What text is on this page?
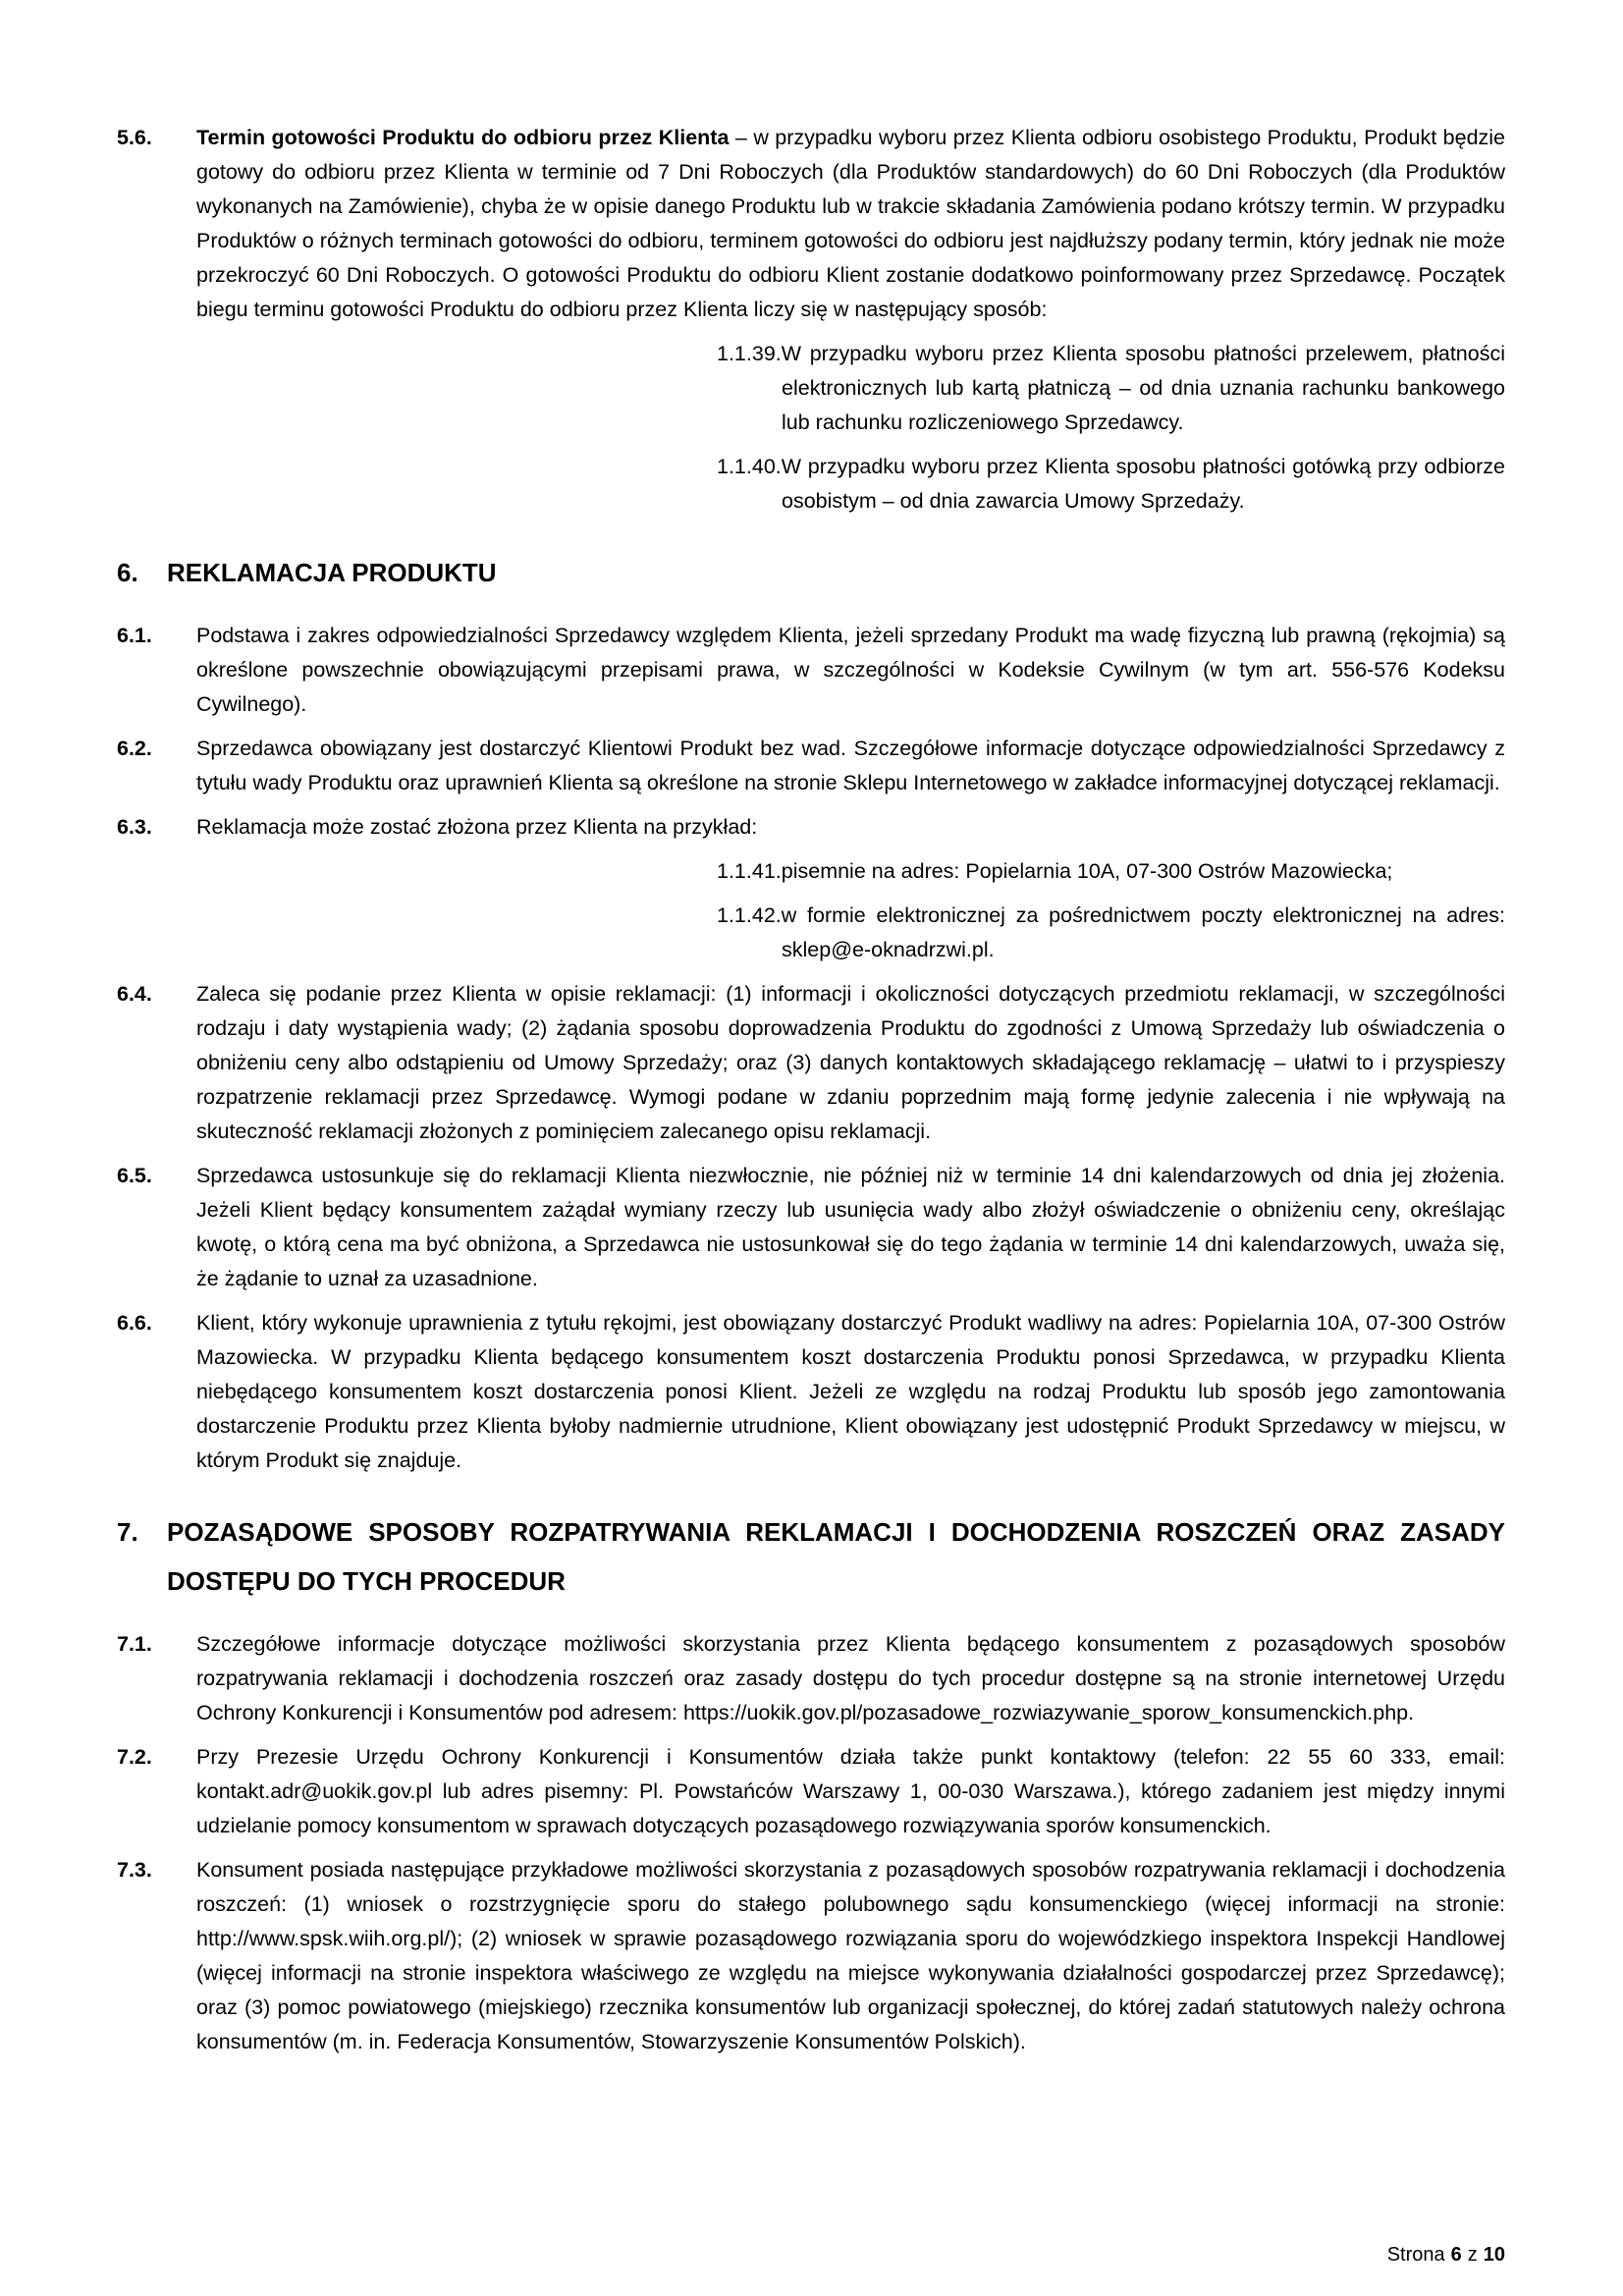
5.6.	Termin gotowości Produktu do odbioru przez Klienta – w przypadku wyboru przez Klienta odbioru osobistego Produktu, Produkt będzie gotowy do odbioru przez Klienta w terminie od 7 Dni Roboczych (dla Produktów standardowych) do 60 Dni Roboczych (dla Produktów wykonanych na Zamówienie), chyba że w opisie danego Produktu lub w trakcie składania Zamówienia podano krótszy termin. W przypadku Produktów o różnych terminach gotowości do odbioru, terminem gotowości do odbioru jest najdłuższy podany termin, który jednak nie może przekroczyć 60 Dni Roboczych. O gotowości Produktu do odbioru Klient zostanie dodatkowo poinformowany przez Sprzedawcę. Początek biegu terminu gotowości Produktu do odbioru przez Klienta liczy się w następujący sposób:
1.1.39.W przypadku wyboru przez Klienta sposobu płatności przelewem, płatności elektronicznych lub kartą płatniczą – od dnia uznania rachunku bankowego lub rachunku rozliczeniowego Sprzedawcy.
1.1.40.W przypadku wyboru przez Klienta sposobu płatności gotówką przy odbiorze osobistym – od dnia zawarcia Umowy Sprzedaży.
6.	REKLAMACJA PRODUKTU
6.1.	Podstawa i zakres odpowiedzialności Sprzedawcy względem Klienta, jeżeli sprzedany Produkt ma wadę fizyczną lub prawną (rękojmia) są określone powszechnie obowiązującymi przepisami prawa, w szczególności w Kodeksie Cywilnym (w tym art. 556-576 Kodeksu Cywilnego).
6.2.	Sprzedawca obowiązany jest dostarczyć Klientowi Produkt bez wad. Szczegółowe informacje dotyczące odpowiedzialności Sprzedawcy z tytułu wady Produktu oraz uprawnień Klienta są określone na stronie Sklepu Internetowego w zakładce informacyjnej dotyczącej reklamacji.
6.3.	Reklamacja może zostać złożona przez Klienta na przykład:
1.1.41.pisemnie na adres: Popielarnia 10A, 07-300 Ostrów Mazowiecka;
1.1.42.w formie elektronicznej za pośrednictwem poczty elektronicznej na adres: sklep@e-oknadrzwi.pl.
6.4.	Zaleca się podanie przez Klienta w opisie reklamacji: (1) informacji i okoliczności dotyczących przedmiotu reklamacji, w szczególności rodzaju i daty wystąpienia wady; (2) żądania sposobu doprowadzenia Produktu do zgodności z Umową Sprzedaży lub oświadczenia o obniżeniu ceny albo odstąpieniu od Umowy Sprzedaży; oraz (3) danych kontaktowych składającego reklamację – ułatwi to i przyspieszy rozpatrzenie reklamacji przez Sprzedawcę. Wymogi podane w zdaniu poprzednim mają formę jedynie zalecenia i nie wpływają na skuteczność reklamacji złożonych z pominięciem zalecanego opisu reklamacji.
6.5.	Sprzedawca ustosunkuje się do reklamacji Klienta niezwłocznie, nie później niż w terminie 14 dni kalendarzowych od dnia jej złożenia. Jeżeli Klient będący konsumentem zażądał wymiany rzeczy lub usunięcia wady albo złożył oświadczenie o obniżeniu ceny, określając kwotę, o którą cena ma być obniżona, a Sprzedawca nie ustosunkował się do tego żądania w terminie 14 dni kalendarzowych, uważa się, że żądanie to uznał za uzasadnione.
6.6.	Klient, który wykonuje uprawnienia z tytułu rękojmi, jest obowiązany dostarczyć Produkt wadliwy na adres: Popielarnia 10A, 07-300 Ostrów Mazowiecka. W przypadku Klienta będącego konsumentem koszt dostarczenia Produktu ponosi Sprzedawca, w przypadku Klienta niebędącego konsumentem koszt dostarczenia ponosi Klient. Jeżeli ze względu na rodzaj Produktu lub sposób jego zamontowania dostarczenie Produktu przez Klienta byłoby nadmiernie utrudnione, Klient obowiązany jest udostępnić Produkt Sprzedawcy w miejscu, w którym Produkt się znajduje.
7.	POZASĄDOWE SPOSOBY ROZPATRYWANIA REKLAMACJI I DOCHODZENIA ROSZCZEŃ ORAZ ZASADY DOSTĘPU DO TYCH PROCEDUR
7.1.	Szczegółowe informacje dotyczące możliwości skorzystania przez Klienta będącego konsumentem z pozasądowych sposobów rozpatrywania reklamacji i dochodzenia roszczeń oraz zasady dostępu do tych procedur dostępne są na stronie internetowej Urzędu Ochrony Konkurencji i Konsumentów pod adresem: https://uokik.gov.pl/pozasadowe_rozwiazywanie_sporow_konsumenckich.php.
7.2.	Przy Prezesie Urzędu Ochrony Konkurencji i Konsumentów działa także punkt kontaktowy (telefon: 22 55 60 333, email: kontakt.adr@uokik.gov.pl lub adres pisemny: Pl. Powstańców Warszawy 1, 00-030 Warszawa.), którego zadaniem jest między innymi udzielanie pomocy konsumentom w sprawach dotyczących pozasądowego rozwiązywania sporów konsumenckich.
7.3.	Konsument posiada następujące przykładowe możliwości skorzystania z pozasądowych sposobów rozpatrywania reklamacji i dochodzenia roszczeń: (1) wniosek o rozstrzygnięcie sporu do stałego polubownego sądu konsumenckiego (więcej informacji na stronie: http://www.spsk.wiih.org.pl/); (2) wniosek w sprawie pozasądowego rozwiązania sporu do wojewódzkiego inspektora Inspekcji Handlowej (więcej informacji na stronie inspektora właściwego ze względu na miejsce wykonywania działalności gospodarczej przez Sprzedawcę); oraz (3) pomoc powiatowego (miejskiego) rzecznika konsumentów lub organizacji społecznej, do której zadań statutowych należy ochrona konsumentów (m. in. Federacja Konsumentów, Stowarzyszenie Konsumentów Polskich).
Strona 6 z 10
